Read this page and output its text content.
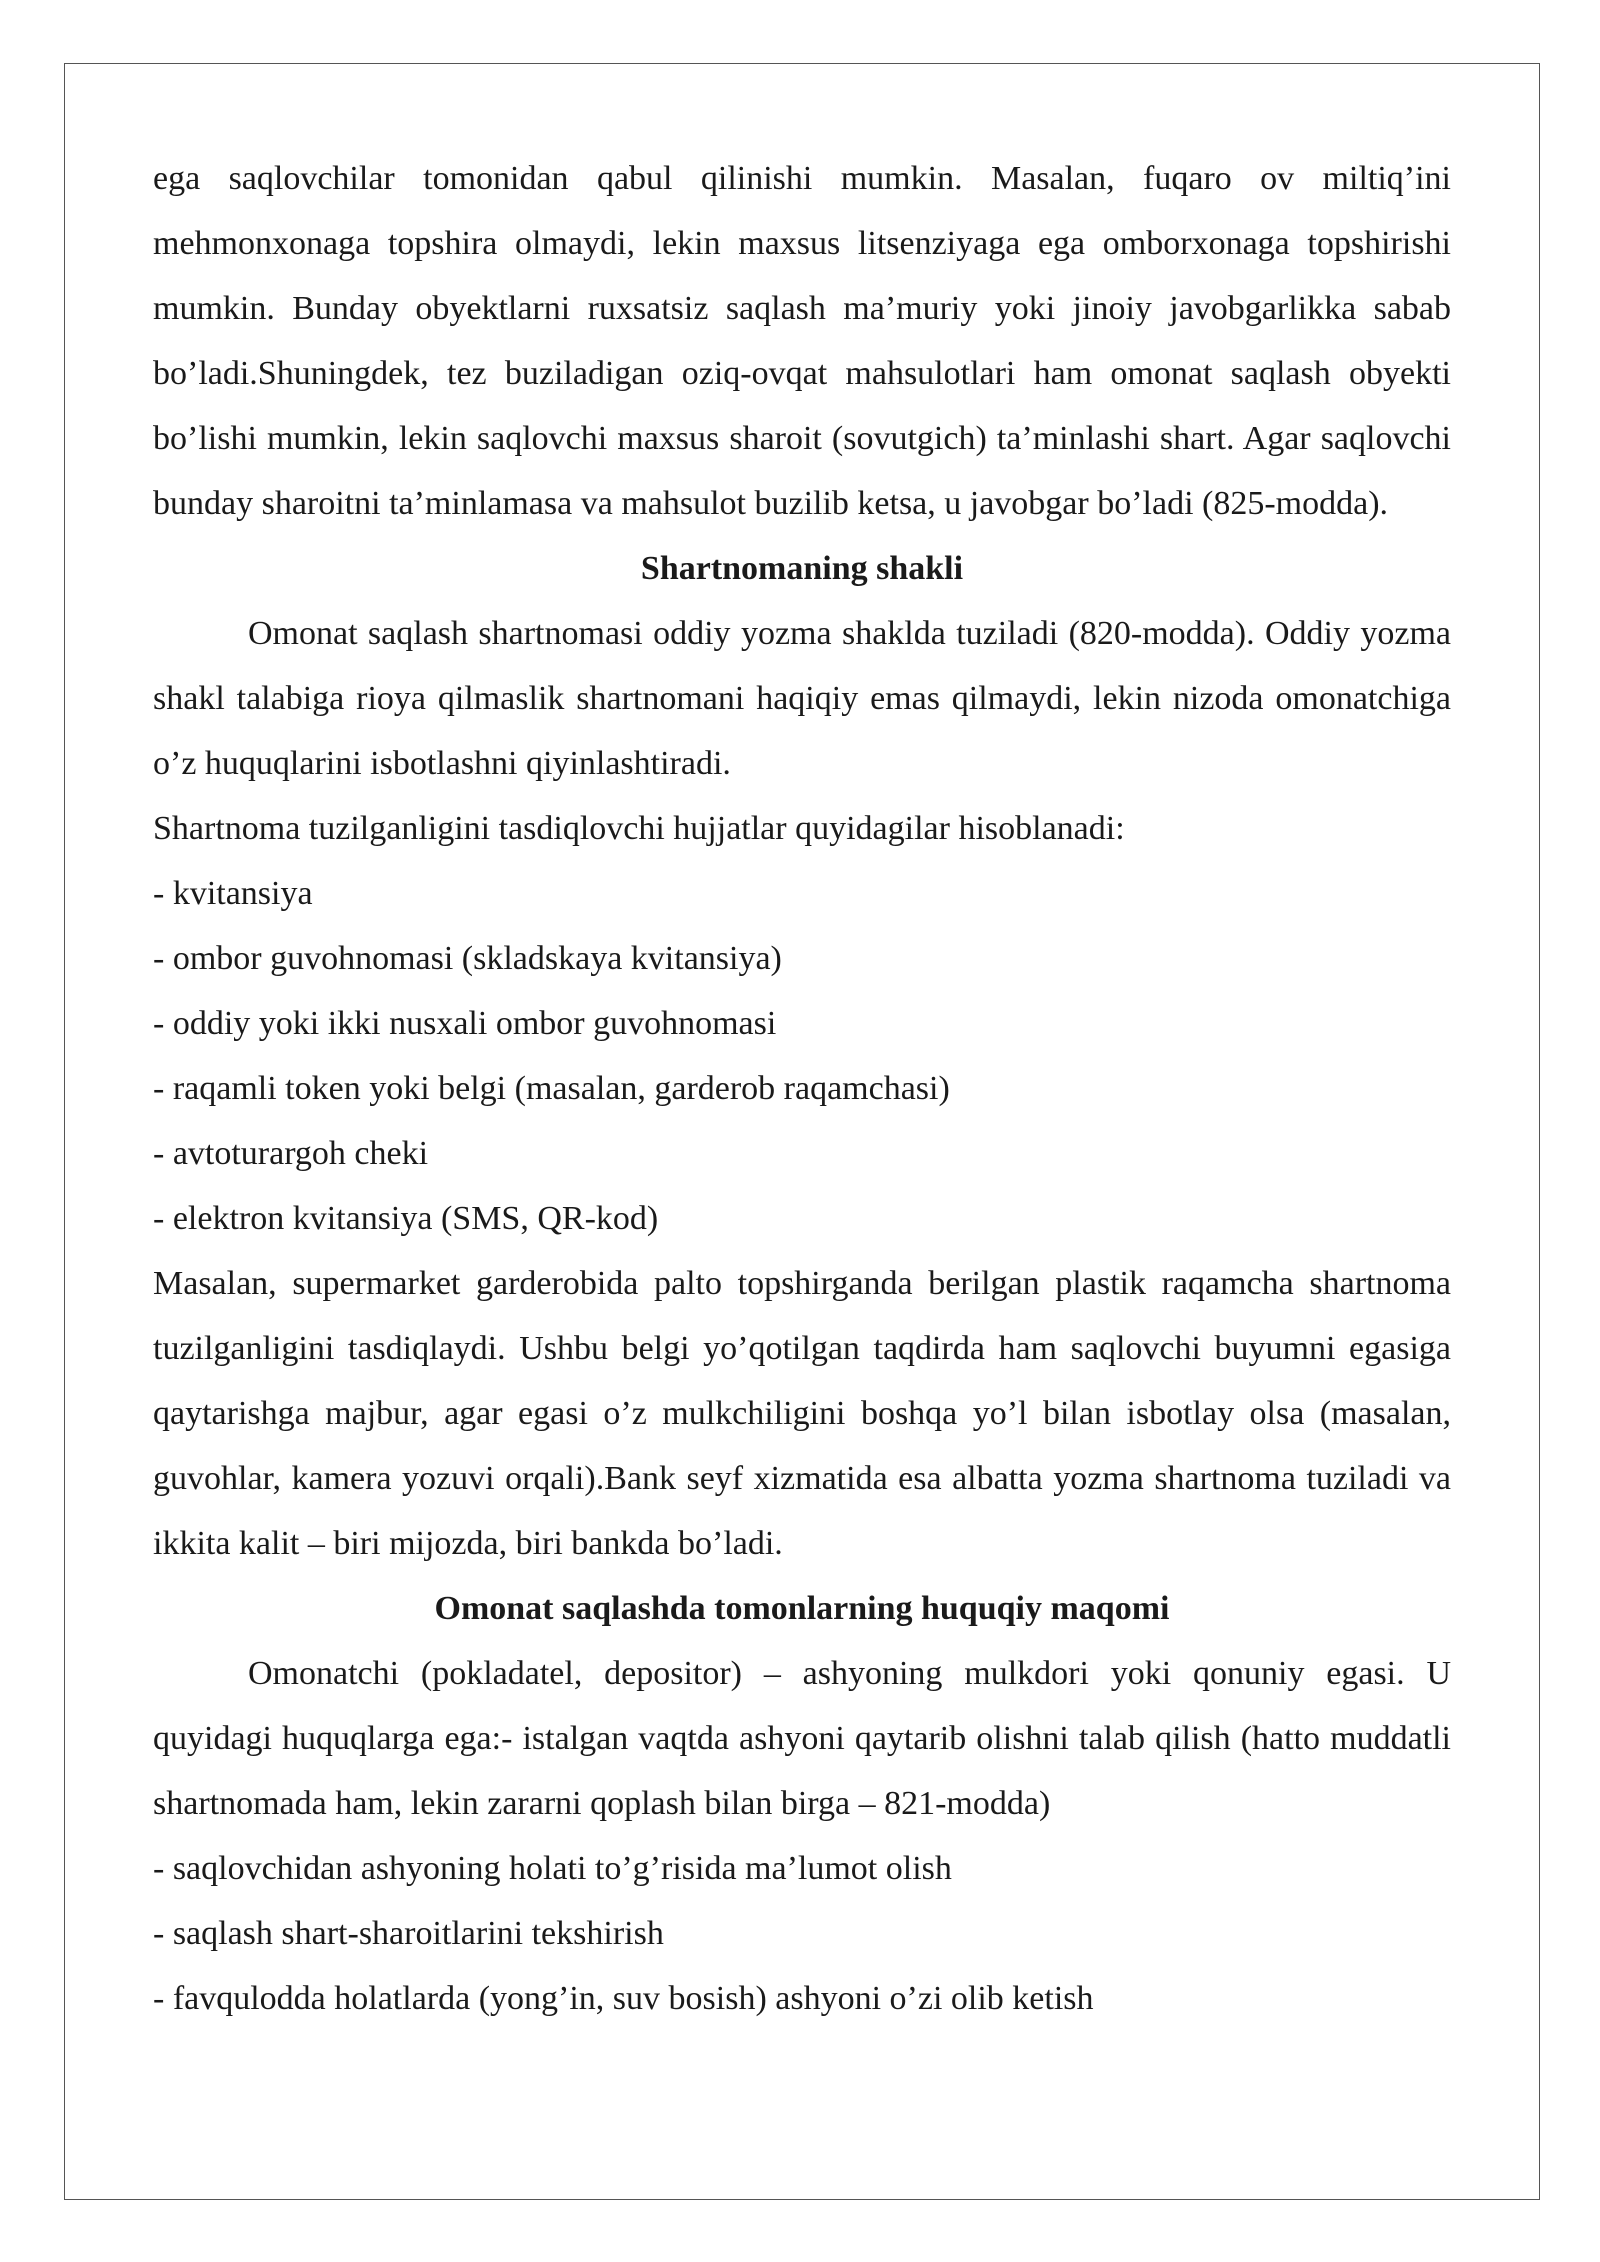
ega saqlovchilar tomonidan qabul qilinishi mumkin. Masalan, fuqaro ov miltiq’ini mehmonxonaga topshira olmaydi, lekin maxsus litsenziyaga ega omborxonaga topshirishi mumkin. Bunday obyektlarni ruxsatsiz saqlash ma’muriy yoki jinoiy javobgarlikka sabab bo’ladi.Shuningdek, tez buziladigan oziq-ovqat mahsulotlari ham omonat saqlash obyekti bo’lishi mumkin, lekin saqlovchi maxsus sharoit (sovutgich) ta’minlashi shart. Agar saqlovchi bunday sharoitni ta’minlamasa va mahsulot buzilib ketsa, u javobgar bo’ladi (825-modda).

Shartnomaning shakli

Omonat saqlash shartnomasi oddiy yozma shaklda tuziladi (820-modda). Oddiy yozma shakl talabiga rioya qilmaslik shartnomani haqiqiy emas qilmaydi, lekin nizoda omonatchiga o’z huquqlarini isbotlashni qiyinlashtiradi.

Shartnoma tuzilganligini tasdiqlovchi hujjatlar quyidagilar hisoblanadi:

- kvitansiya

- ombor guvohnomasi (skladskaya kvitansiya)

- oddiy yoki ikki nusxali ombor guvohnomasi

- raqamli token yoki belgi (masalan, garderob raqamchasi)

- avtoturargoh cheki

- elektron kvitansiya (SMS, QR-kod)

Masalan, supermarket garderobida palto topshirganda berilgan plastik raqamcha shartnoma tuzilganligini tasdiqlaydi. Ushbu belgi yo’qotilgan taqdirda ham saqlovchi buyumni egasiga qaytarishga majbur, agar egasi o’z mulkchiligini boshqa yo’l bilan isbotlay olsa (masalan, guvohlar, kamera yozuvi orqali).Bank seyf xizmatida esa albatta yozma shartnoma tuziladi va ikkita kalit – biri mijozda, biri bankda bo’ladi.

Omonat saqlashda tomonlarning huquqiy maqomi

Omonatchi (pokladatel, depositor) – ashyoning mulkdori yoki qonuniy egasi. U quyidagi huquqlarga ega:- istalgan vaqtda ashyoni qaytarib olishni talab qilish (hatto muddatli shartnomada ham, lekin zararni qoplash bilan birga – 821-modda)

- saqlovchidan ashyoning holati to’g’risida ma’lumot olish

- saqlash shart-sharoitlarini tekshirish

- favqulodda holatlarda (yong’in, suv bosish) ashyoni o’zi olib ketish
